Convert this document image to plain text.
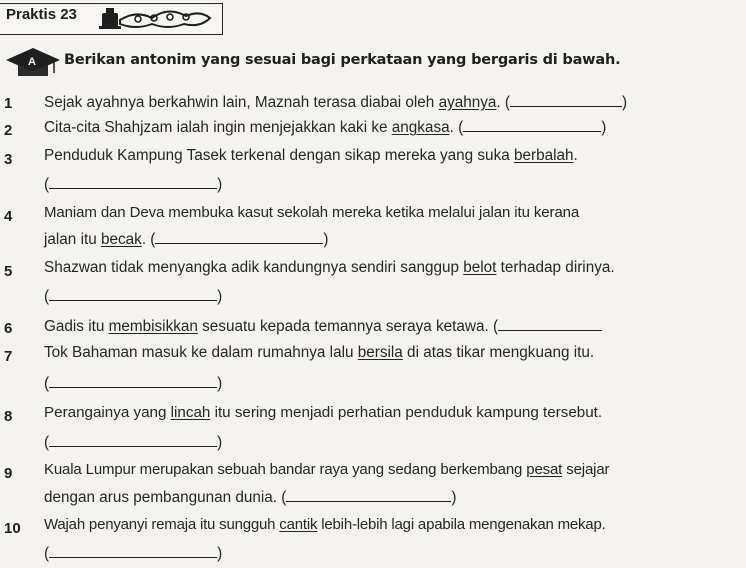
Praktis 23
A Berikan antonim yang sesuai bagi perkataan yang bergaris di bawah.
1 Sejak ayahnya berkahwin lain, Maznah terasa diabai oleh ayahnya. (	)
2 Cita-cita Shahjzam ialah ingin menjejakkan kaki ke angkasa. (	)
3 Penduduk Kampung Tasek terkenal dengan sikap mereka yang suka berbalah.
(	)
4 Maniam dan Deva membuka kasut sekolah mereka ketika melalui jalan itu kerana
jalan itu becak. (	)
5 Shazwan tidak menyangka adik kandungnya sendiri sanggup belot terhadap dirinya.
(	)
6 Gadis itu membisikkan sesuatu kepada temannya seraya ketawa. (
7 Tok Bahaman masuk ke dalam rumahnya lalu bersila di atas tikar mengkuang itu.
(	)
8 Perangainya yang lincah itu sering menjadi perhatian penduduk kampung tersebut.
(	)
9 Kuala Lumpur merupakan sebuah bandar raya yang sedang berkembang pesat sejajar
dengan arus pembangunan dunia. (	)
10 Wajah penyanyi remaja itu sungguh cantik lebih-lebih lagi apabila mengenakan mekap.
(	)
